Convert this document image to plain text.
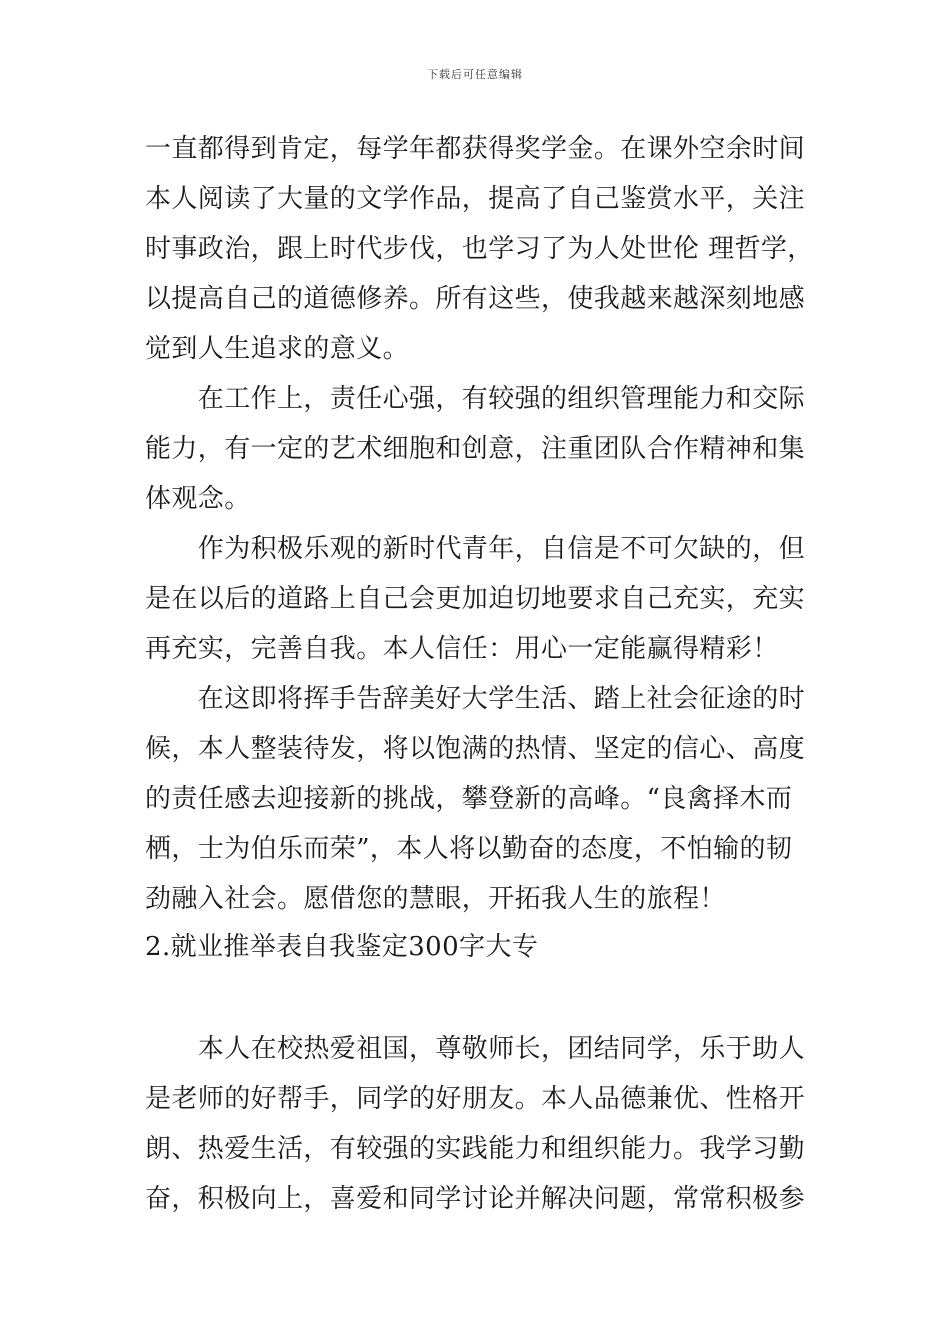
下载后可任意编辑
一直都得到肯定，每学年都获得奖学金。在课外空余时间
本人阅读了大量的文学作品，提高了自己鉴赏水平，关注
时事政治，跟上时代步伐，也学习了为人处世伦 理哲学，
以提高自己的道德修养。所有这些，使我越来越深刻地感
觉到人生追求的意义。
　　在工作上，责任心强，有较强的组织管理能力和交际
能力，有一定的艺术细胞和创意，注重团队合作精神和集
体观念。
　　作为积极乐观的新时代青年，自信是不可欠缺的，但
是在以后的道路上自己会更加迫切地要求自己充实，充实
再充实，完善自我。本人信任：用心一定能赢得精彩！
　　在这即将挥手告辞美好大学生活、踏上社会征途的时
候，本人整装待发，将以饱满的热情、坚定的信心、高度
的责任感去迎接新的挑战，攀登新的高峰。“良禽择木而
栖，士为伯乐而荣”，本人将以勤奋的态度，不怕输的韧
劲融入社会。愿借您的慧眼，开拓我人生的旅程！
2.就业推举表自我鉴定300字大专
　　本人在校热爱祖国，尊敬师长，团结同学，乐于助人
是老师的好帮手，同学的好朋友。本人品德兼优、性格开
朗、热爱生活，有较强的实践能力和组织能力。我学习勤
奋，积极向上，喜爱和同学讨论并解决问题，常常积极参
